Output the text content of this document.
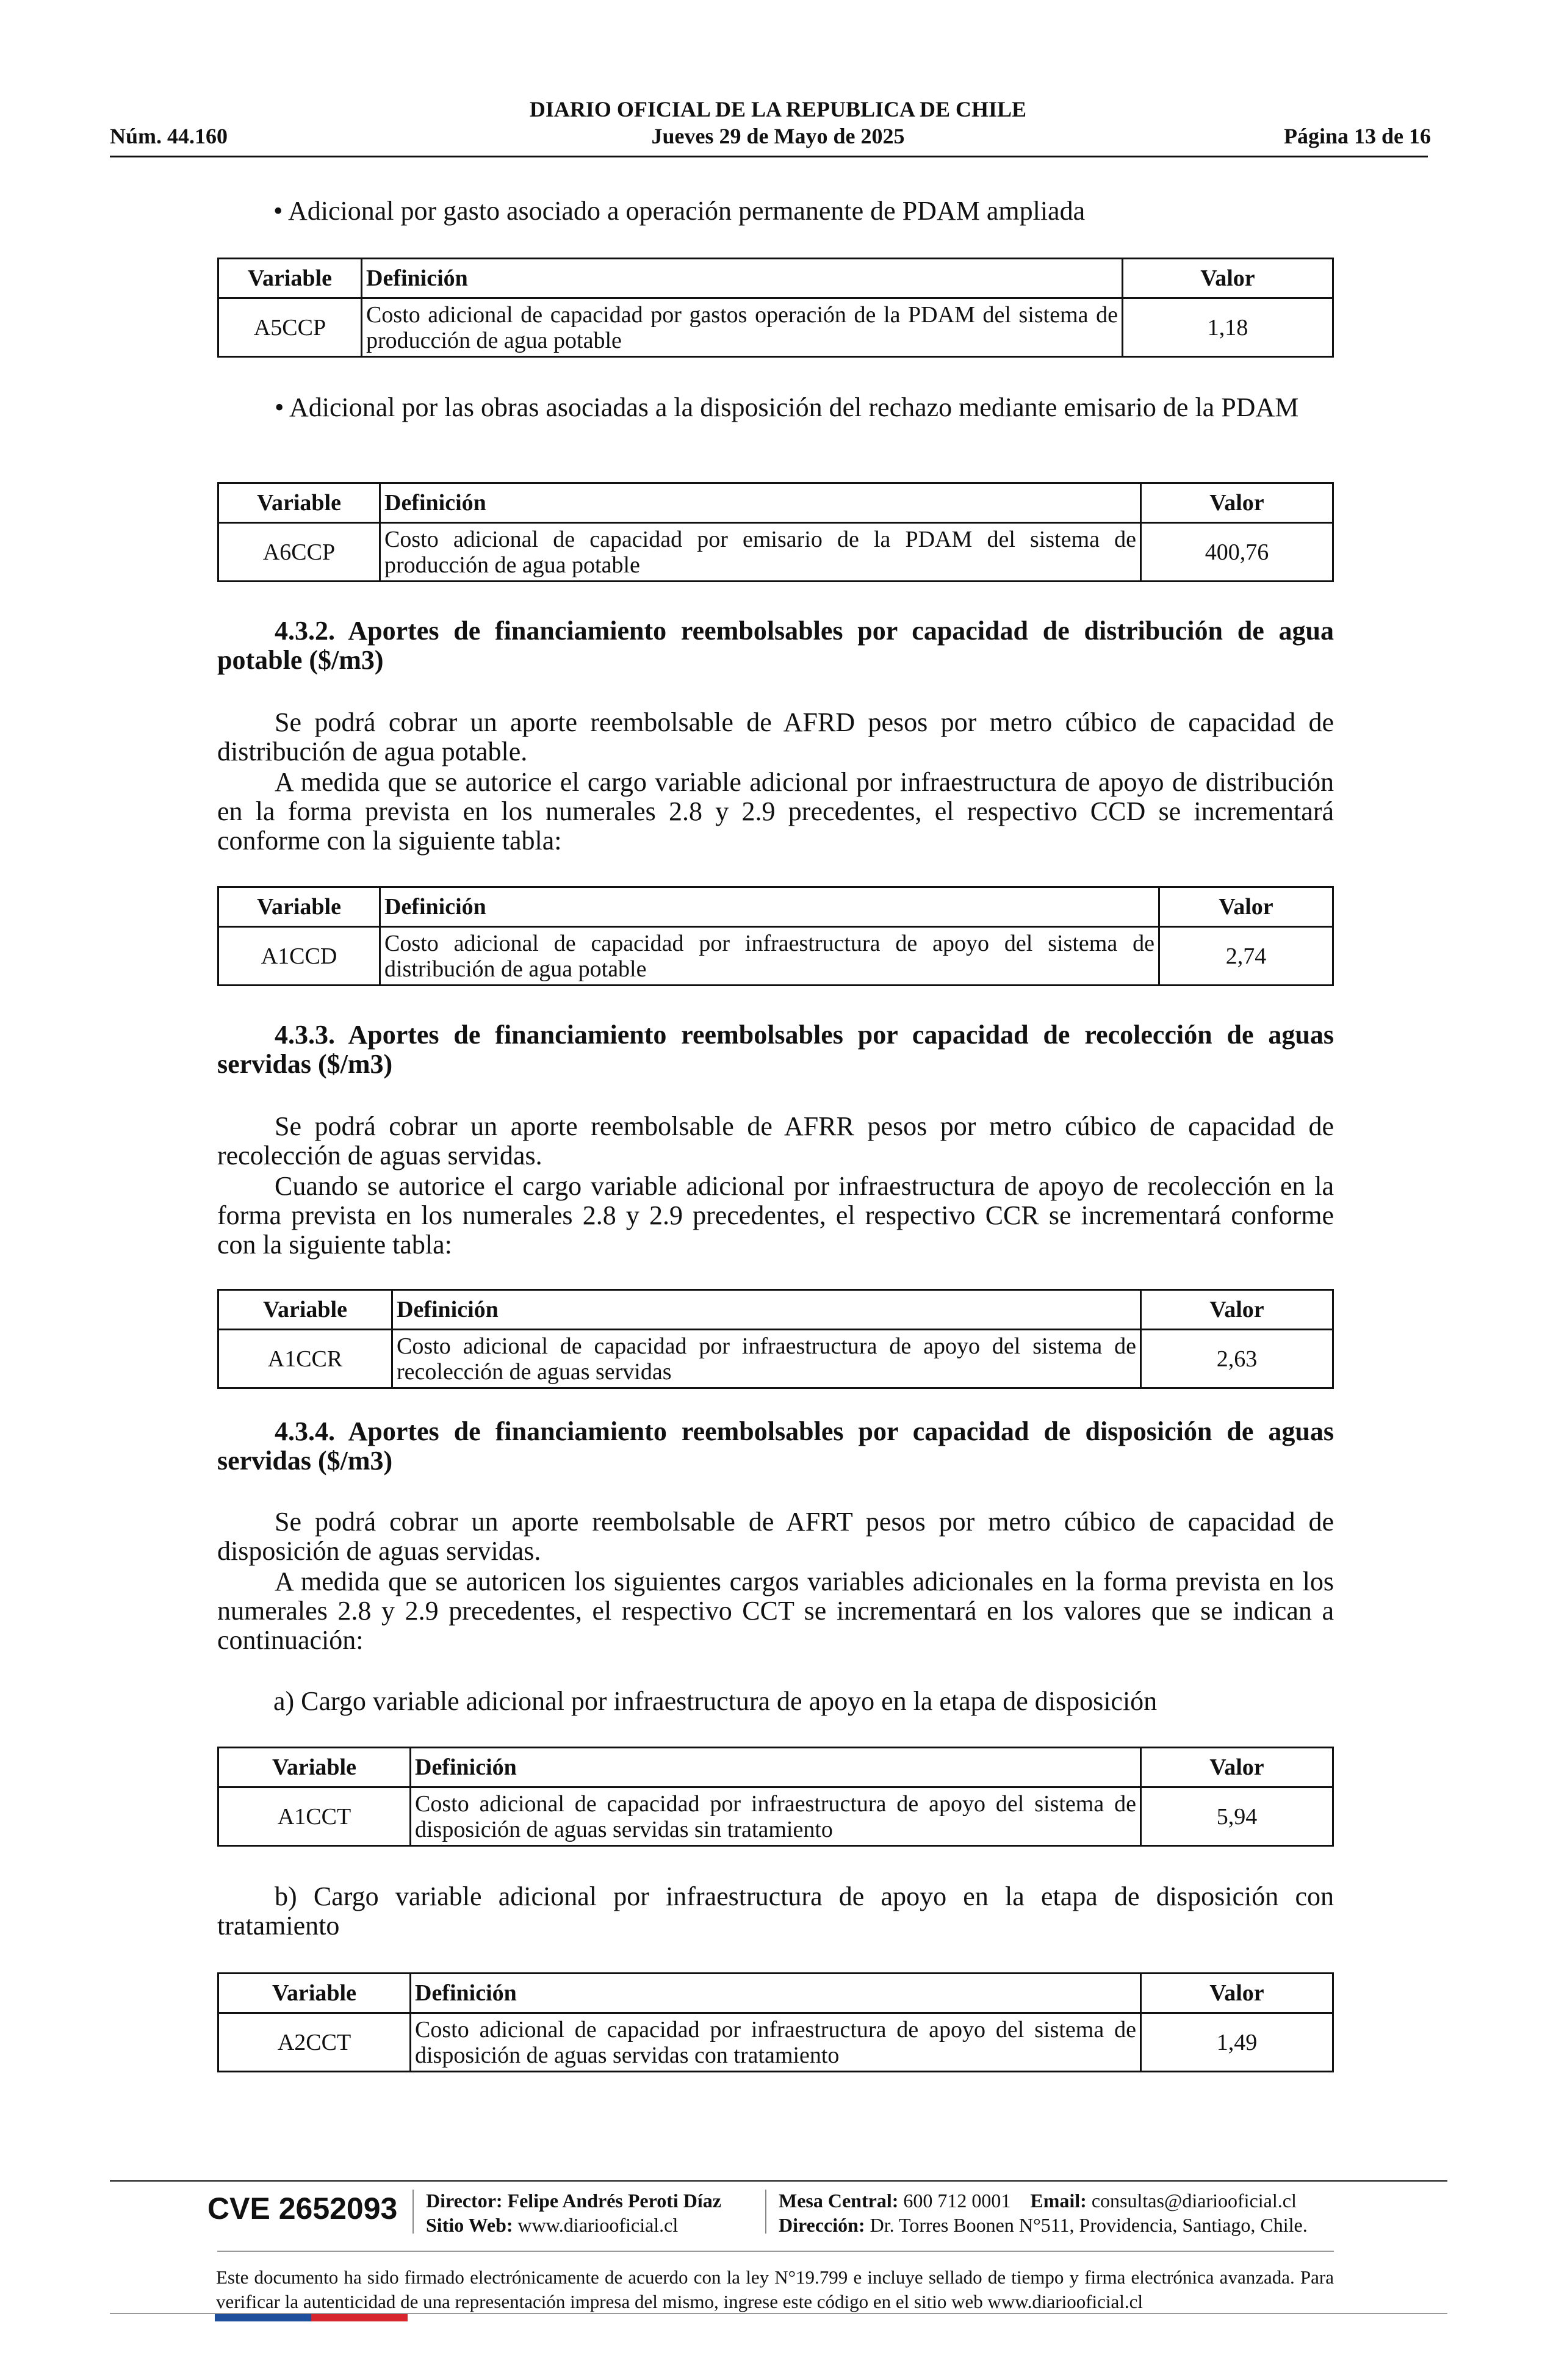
DIARIO OFICIAL DE LA REPUBLICA DE CHILE
Núm. 44.160	Jueves 29 de Mayo de 2025	Página 13 de 16
• Adicional por gasto asociado a operación permanente de PDAM ampliada
Variable	Definición	Valor
A5CCP	Costo adicional de capacidad por gastos operación de la PDAM del sistema de producción de agua potable	1,18
• Adicional por las obras asociadas a la disposición del rechazo mediante emisario de la PDAM
Variable	Definición	Valor
A6CCP	Costo adicional de capacidad por emisario de la PDAM del sistema de producción de agua potable	400,76
4.3.2. Aportes de financiamiento reembolsables por capacidad de distribución de agua potable ($/m3)
Se podrá cobrar un aporte reembolsable de AFRD pesos por metro cúbico de capacidad de distribución de agua potable.
A medida que se autorice el cargo variable adicional por infraestructura de apoyo de distribución en la forma prevista en los numerales 2.8 y 2.9 precedentes, el respectivo CCD se incrementará conforme con la siguiente tabla:
Variable	Definición	Valor
A1CCD	Costo adicional de capacidad por infraestructura de apoyo del sistema de distribución de agua potable	2,74
4.3.3. Aportes de financiamiento reembolsables por capacidad de recolección de aguas servidas ($/m3)
Se podrá cobrar un aporte reembolsable de AFRR pesos por metro cúbico de capacidad de recolección de aguas servidas.
Cuando se autorice el cargo variable adicional por infraestructura de apoyo de recolección en la forma prevista en los numerales 2.8 y 2.9 precedentes, el respectivo CCR se incrementará conforme con la siguiente tabla:
Variable	Definición	Valor
A1CCR	Costo adicional de capacidad por infraestructura de apoyo del sistema de recolección de aguas servidas	2,63
4.3.4. Aportes de financiamiento reembolsables por capacidad de disposición de aguas servidas ($/m3)
Se podrá cobrar un aporte reembolsable de AFRT pesos por metro cúbico de capacidad de disposición de aguas servidas.
A medida que se autoricen los siguientes cargos variables adicionales en la forma prevista en los numerales 2.8 y 2.9 precedentes, el respectivo CCT se incrementará en los valores que se indican a continuación:
a) Cargo variable adicional por infraestructura de apoyo en la etapa de disposición
Variable	Definición	Valor
A1CCT	Costo adicional de capacidad por infraestructura de apoyo del sistema de disposición de aguas servidas sin tratamiento	5,94
b) Cargo variable adicional por infraestructura de apoyo en la etapa de disposición con tratamiento
Variable	Definición	Valor
A2CCT	Costo adicional de capacidad por infraestructura de apoyo del sistema de disposición de aguas servidas con tratamiento	1,49
CVE 2652093 Director: Felipe Andrés Peroti Díaz
Sitio Web: www.diariooficial.cl
Mesa Central: 600 712 0001 Email: consultas@diariooficial.cl
Dirección: Dr. Torres Boonen N°511, Providencia, Santiago, Chile.
Este documento ha sido firmado electrónicamente de acuerdo con la ley N°19.799 e incluye sellado de tiempo y firma electrónica avanzada. Para verificar la autenticidad de una representación impresa del mismo, ingrese este código en el sitio web www.diariooficial.cl
